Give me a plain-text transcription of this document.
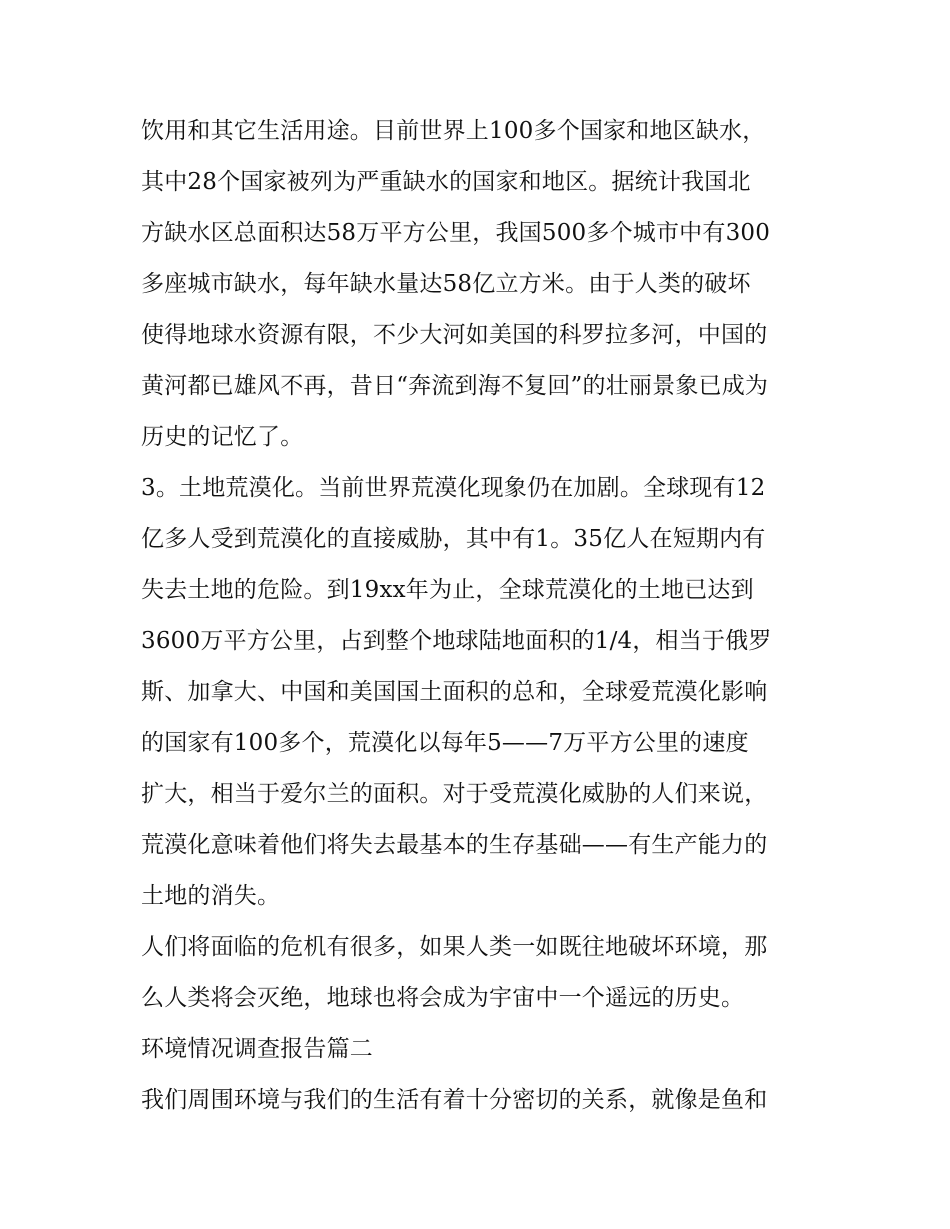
饮用和其它生活用途。目前世界上100多个国家和地区缺水，
其中28个国家被列为严重缺水的国家和地区。据统计我国北
方缺水区总面积达58万平方公里，我国500多个城市中有300
多座城市缺水，每年缺水量达58亿立方米。由于人类的破坏
使得地球水资源有限，不少大河如美国的科罗拉多河，中国的
黄河都已雄风不再，昔日“奔流到海不复回”的壮丽景象已成为
历史的记忆了。
3。土地荒漠化。当前世界荒漠化现象仍在加剧。全球现有12
亿多人受到荒漠化的直接威胁，其中有1。35亿人在短期内有
失去土地的危险。到19xx年为止，全球荒漠化的土地已达到
3600万平方公里，占到整个地球陆地面积的1/4，相当于俄罗
斯、加拿大、中国和美国国土面积的总和，全球爱荒漠化影响
的国家有100多个，荒漠化以每年5——7万平方公里的速度
扩大，相当于爱尔兰的面积。对于受荒漠化威胁的人们来说，
荒漠化意味着他们将失去最基本的生存基础——有生产能力的
土地的消失。
人们将面临的危机有很多，如果人类一如既往地破坏环境，那
么人类将会灭绝，地球也将会成为宇宙中一个遥远的历史。
环境情况调查报告篇二
我们周围环境与我们的生活有着十分密切的关系，就像是鱼和
